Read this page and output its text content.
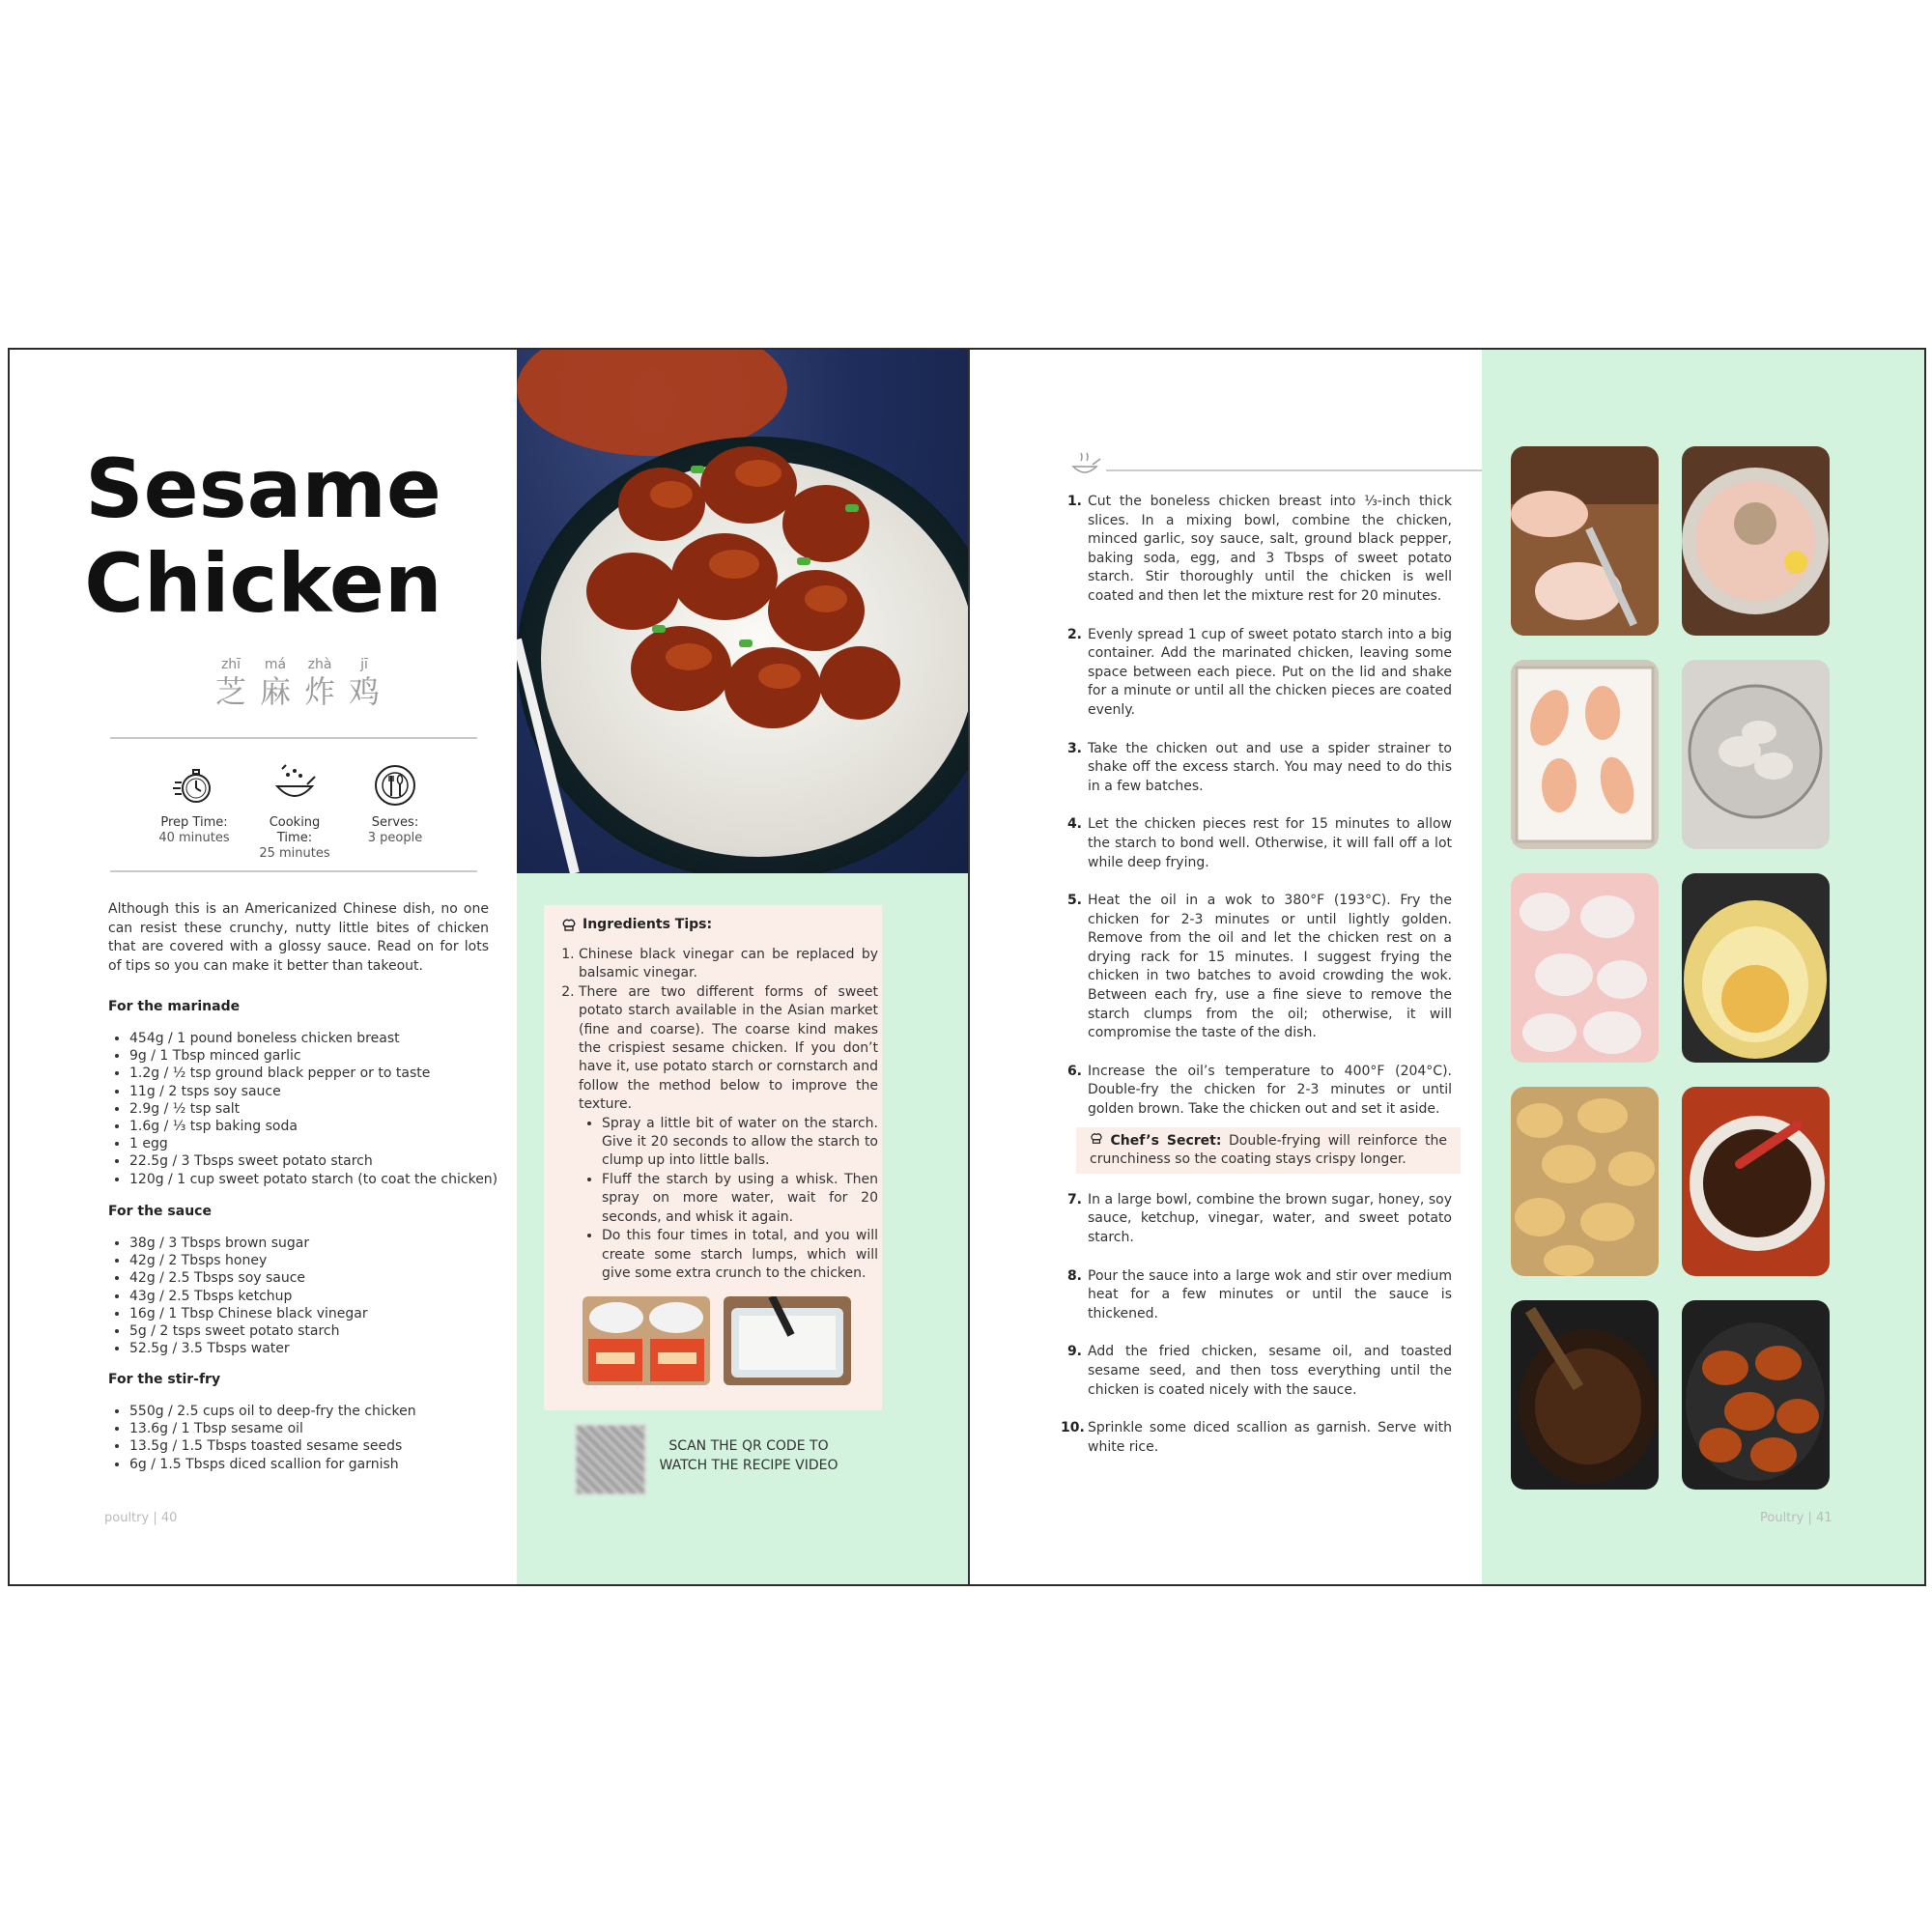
Sesame
Chicken
zhī
芝
má
麻
zhà
炸
jī
鸡
Prep Time:
40 minutes
Cooking Time:
25 minutes
Serves:
3 people

Although this is an Americanized Chinese dish, no one can resist these crunchy, nutty little bites of chicken that are covered with a glossy sauce. Read on for lots of tips so you can make it better than takeout.

For the marinade
• 454g / 1 pound boneless chicken breast
• 9g / 1 Tbsp minced garlic
• 1.2g / ½ tsp ground black pepper or to taste
• 11g / 2 tsps soy sauce
• 2.9g / ½ tsp salt
• 1.6g / ⅓ tsp baking soda
• 1 egg
• 22.5g / 3 Tbsps sweet potato starch
• 120g / 1 cup sweet potato starch (to coat the chicken)
For the sauce
• 38g / 3 Tbsps brown sugar
• 42g / 2 Tbsps honey
• 42g / 2.5 Tbsps soy sauce
• 43g / 2.5 Tbsps ketchup
• 16g / 1 Tbsp Chinese black vinegar
• 5g / 2 tsps sweet potato starch
• 52.5g / 3.5 Tbsps water
For the stir-fry
• 550g / 2.5 cups oil to deep-fry the chicken
• 13.6g / 1 Tbsp sesame oil
• 13.5g / 1.5 Tbsps toasted sesame seeds
• 6g / 1.5 Tbsps diced scallion for garnish
poultry | 40
Ingredients Tips:
1. Chinese black vinegar can be replaced by balsamic vinegar.
2. There are two different forms of sweet potato starch available in the Asian market (fine and coarse). The coarse kind makes the crispiest sesame chicken. If you don’t have it, use potato starch or cornstarch and follow the method below to improve the texture.
• Spray a little bit of water on the starch. Give it 20 seconds to allow the starch to clump up into little balls.
• Fluff the starch by using a whisk. Then spray on more water, wait for 20 seconds, and whisk it again.
• Do this four times in total, and you will create some starch lumps, which will give some extra crunch to the chicken.
SCAN THE QR CODE TO
WATCH THE RECIPE VIDEO
1. Cut the boneless chicken breast into ⅓-inch thick slices. In a mixing bowl, combine the chicken, minced garlic, soy sauce, salt, ground black pepper, baking soda, egg, and 3 Tbsps of sweet potato starch. Stir thoroughly until the chicken is well coated and then let the mixture rest for 20 minutes.
2. Evenly spread 1 cup of sweet potato starch into a big container. Add the marinated chicken, leaving some space between each piece. Put on the lid and shake for a minute or until all the chicken pieces are coated evenly.
3. Take the chicken out and use a spider strainer to shake off the excess starch. You may need to do this in a few batches.
4. Let the chicken pieces rest for 15 minutes to allow the starch to bond well. Otherwise, it will fall off a lot while deep frying.
5. Heat the oil in a wok to 380°F (193°C). Fry the chicken for 2-3 minutes or until lightly golden. Remove from the oil and let the chicken rest on a drying rack for 15 minutes. I suggest frying the chicken in two batches to avoid crowding the wok. Between each fry, use a fine sieve to remove the starch clumps from the oil; otherwise, it will compromise the taste of the dish.
6. Increase the oil’s temperature to 400°F (204°C). Double-fry the chicken for 2-3 minutes or until golden brown. Take the chicken out and set it aside.
Chef’s Secret: Double-frying will reinforce the crunchiness so the coating stays crispy longer.
7. In a large bowl, combine the brown sugar, honey, soy sauce, ketchup, vinegar, water, and sweet potato starch.
8. Pour the sauce into a large wok and stir over medium heat for a few minutes or until the sauce is thickened.
9. Add the fried chicken, sesame oil, and toasted sesame seed, and then toss everything until the chicken is coated nicely with the sauce.
10. Sprinkle some diced scallion as garnish. Serve with white rice.
Poultry | 41
